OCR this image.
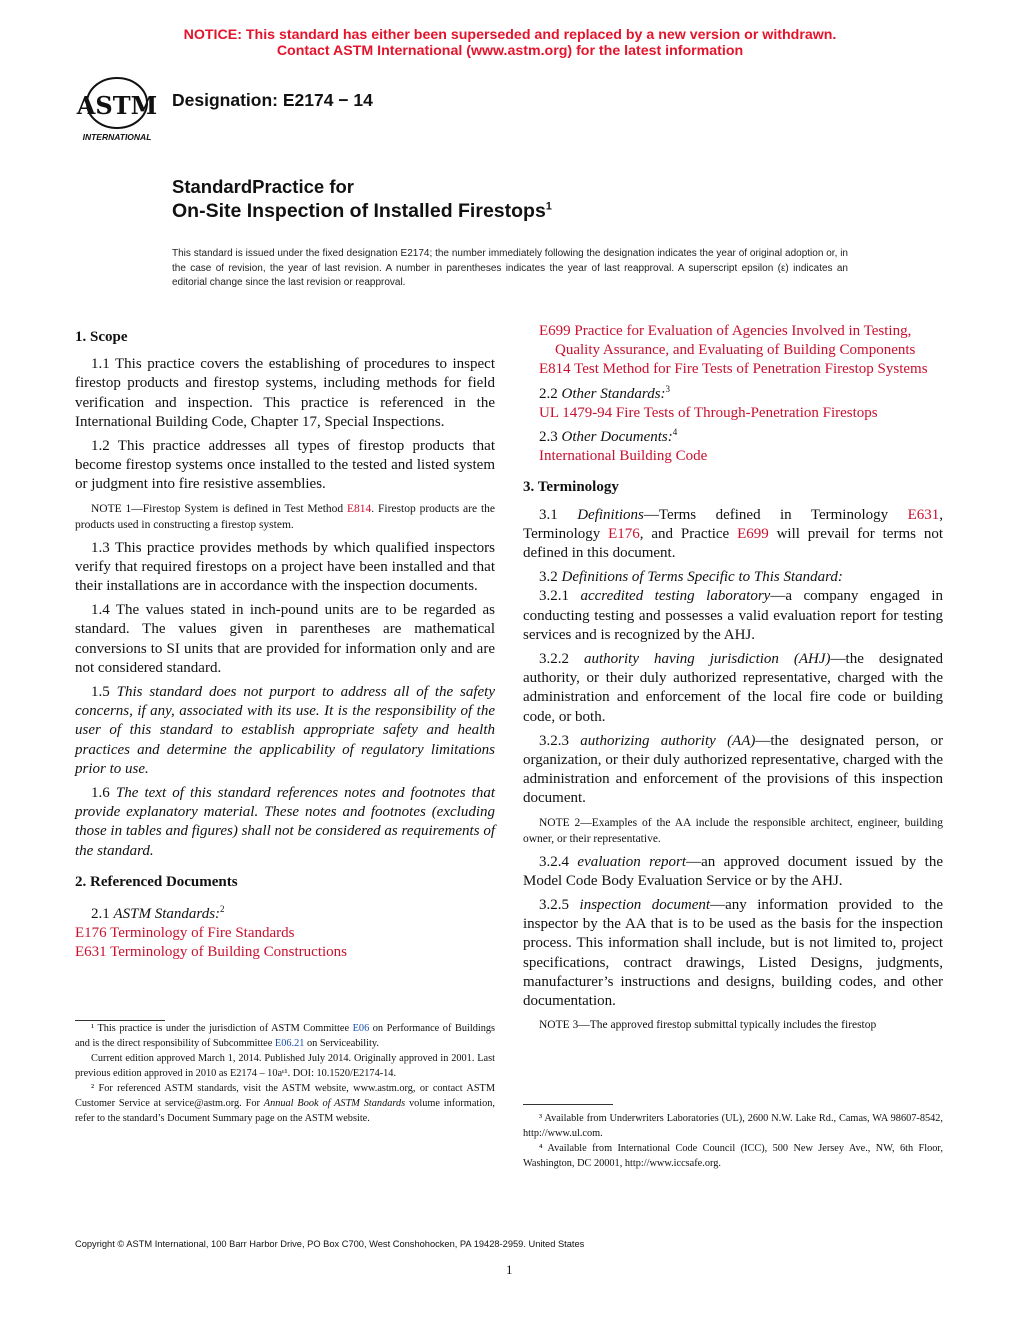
NOTICE: This standard has either been superseded and replaced by a new version or withdrawn.
Contact ASTM International (www.astm.org) for the latest information
ASTM
INTERNATIONAL
Designation: E2174 − 14
StandardPractice for
On-Site Inspection of Installed Firestops$^1$
This standard is issued under the fixed designation E2174; the number immediately following the designation indicates the year of original adoption or, in the case of revision, the year of last revision. A number in parentheses indicates the year of last reapproval. A superscript epsilon (ε) indicates an editorial change since the last revision or reapproval.
1. Scope

1.1 This practice covers the establishing of procedures to inspect firestop products and firestop systems, including methods for field verification and inspection. This practice is referenced in the International Building Code, Chapter 17, Special Inspections.

1.2 This practice addresses all types of firestop products that become firestop systems once installed to the tested and listed system or judgment into fire resistive assemblies.

NOTE 1—Firestop System is defined in Test Method E814. Firestop products are the products used in constructing a firestop system.

1.3 This practice provides methods by which qualified inspectors verify that required firestops on a project have been installed and that their installations are in accordance with the inspection documents.

1.4 The values stated in inch-pound units are to be regarded as standard. The values given in parentheses are mathematical conversions to SI units that are provided for information only and are not considered standard.

1.5 This standard does not purport to address all of the safety concerns, if any, associated with its use. It is the responsibility of the user of this standard to establish appropriate safety and health practices and determine the applicability of regulatory limitations prior to use.

1.6 The text of this standard references notes and footnotes that provide explanatory material. These notes and footnotes (excluding those in tables and figures) shall not be considered as requirements of the standard.

2. Referenced Documents

2.1 ASTM Standards:$^2$

E176 Terminology of Fire Standards
E631 Terminology of Building Constructions

¹ This practice is under the jurisdiction of ASTM Committee E06 on Performance of Buildings and is the direct responsibility of Subcommittee E06.21 on Serviceability.

Current edition approved March 1, 2014. Published July 2014. Originally approved in 2001. Last previous edition approved in 2010 as E2174 – 10aᵋ¹. DOI: 10.1520/E2174-14.

² For referenced ASTM standards, visit the ASTM website, www.astm.org, or contact ASTM Customer Service at service@astm.org. For Annual Book of ASTM Standards volume information, refer to the standard’s Document Summary page on the ASTM website.

E699 Practice for Evaluation of Agencies Involved in Testing, Quality Assurance, and Evaluating of Building Components
E814 Test Method for Fire Tests of Penetration Firestop Systems

2.2 Other Standards:$^3$

UL 1479-94 Fire Tests of Through-Penetration Firestops

2.3 Other Documents:$^4$

International Building Code
3. Terminology

3.1 Definitions—Terms defined in Terminology E631, Terminology E176, and Practice E699 will prevail for terms not defined in this document.

3.2 Definitions of Terms Specific to This Standard:

3.2.1 accredited testing laboratory—a company engaged in conducting testing and possesses a valid evaluation report for testing services and is recognized by the AHJ.

3.2.2 authority having jurisdiction (AHJ)—the designated authority, or their duly authorized representative, charged with the administration and enforcement of the local fire code or building code, or both.

3.2.3 authorizing authority (AA)—the designated person, or organization, or their duly authorized representative, charged with the administration and enforcement of the provisions of this inspection document.

NOTE 2—Examples of the AA include the responsible architect, engineer, building owner, or their representative.

3.2.4 evaluation report—an approved document issued by the Model Code Body Evaluation Service or by the AHJ.

3.2.5 inspection document—any information provided to the inspector by the AA that is to be used as the basis for the inspection process. This information shall include, but is not limited to, project specifications, contract drawings, Listed Designs, judgments, manufacturer’s instructions and designs, building codes, and other documentation.

NOTE 3—The approved firestop submittal typically includes the firestop

³ Available from Underwriters Laboratories (UL), 2600 N.W. Lake Rd., Camas, WA 98607-8542, http://www.ul.com.

⁴ Available from International Code Council (ICC), 500 New Jersey Ave., NW, 6th Floor, Washington, DC 20001, http://www.iccsafe.org.

Copyright © ASTM International, 100 Barr Harbor Drive, PO Box C700, West Conshohocken, PA 19428-2959. United States
1
